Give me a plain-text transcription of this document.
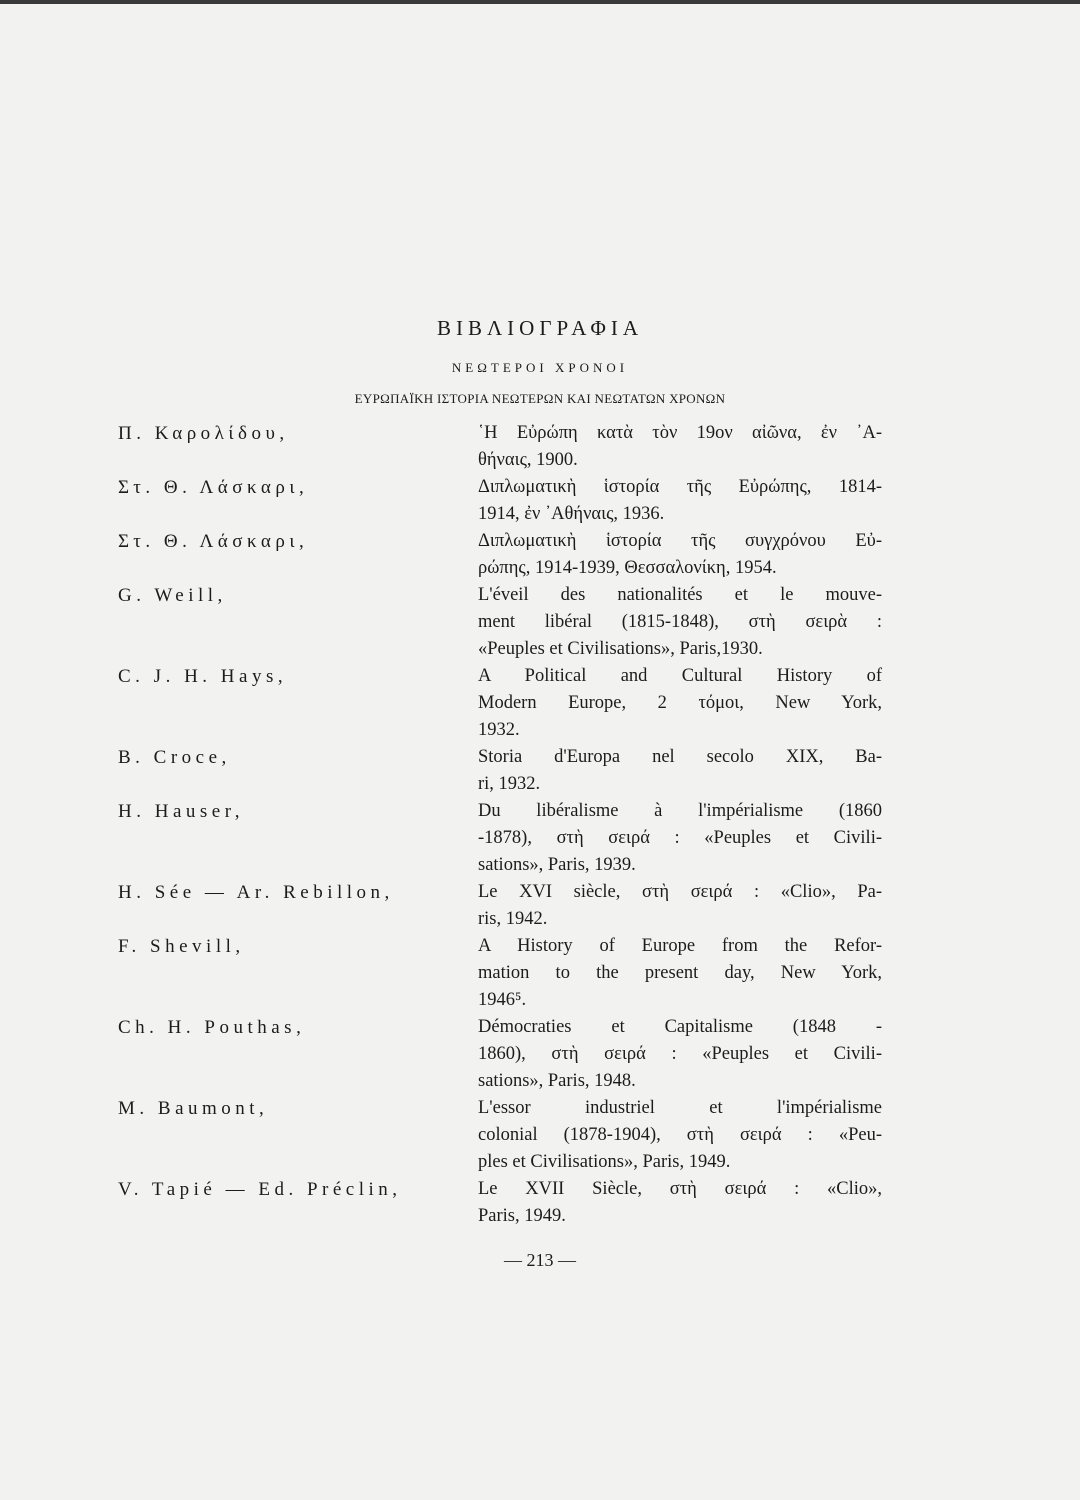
ΒΙΒΛΙΟΓΡΑΦΙΑ
ΝΕΩΤΕΡΟΙ ΧΡΟΝΟΙ
ΕΥΡΩΠΑΪΚΗ ΙΣΤΟΡΙΑ ΝΕΩΤΕΡΩΝ ΚΑΙ ΝΕΩΤΑΤΩΝ ΧΡΟΝΩΝ
Π. Καρολίδου,	῾Η Εὐρώπη κατὰ τὸν 19ον αἰῶνα, ἐν ᾿Α-
θήναις, 1900.
Στ. Θ. Λάσκαρι,	Διπλωματικὴ ἱστορία τῆς Εὐρώπης, 1814-
1914, ἐν ᾿Αθήναις, 1936.
Στ. Θ. Λάσκαρι,	Διπλωματικὴ ἱστορία τῆς συγχρόνου Εὐ-
ρώπης, 1914-1939, Θεσσαλονίκη, 1954.
G. Weill,	L'éveil des nationalités et le mouve-
ment libéral (1815-1848), στὴ σειρὰ :
«Peuples et Civilisations», Paris,1930.
C. J. H. Hays,	A Political and Cultural History of
Modern Europe, 2 τόμοι, New York,
1932.
B. Croce,	Storia d'Europa nel secolo XIX, Ba-
ri, 1932.
H. Hauser,	Du libéralisme à l'impérialisme (1860
-1878), στὴ σειρά : «Peuples et Civili-
sations», Paris, 1939.
H. Sée — Ar. Rebillon,	Le XVI siècle, στὴ σειρά : «Clio», Pa-
ris, 1942.
F. Shevill,	A History of Europe from the Refor-
mation to the present day, New York,
1946⁵.
Ch. H. Pouthas,	Démocraties et Capitalisme (1848 -
1860), στὴ σειρά : «Peuples et Civili-
sations», Paris, 1948.
M. Baumont,	L'essor industriel et l'impérialisme
colonial (1878-1904), στὴ σειρά : «Peu-
ples et Civilisations», Paris, 1949.
V. Tapié — Ed. Préclin,	Le XVII Siècle, στὴ σειρά : «Clio»,
Paris, 1949.
— 213 —
